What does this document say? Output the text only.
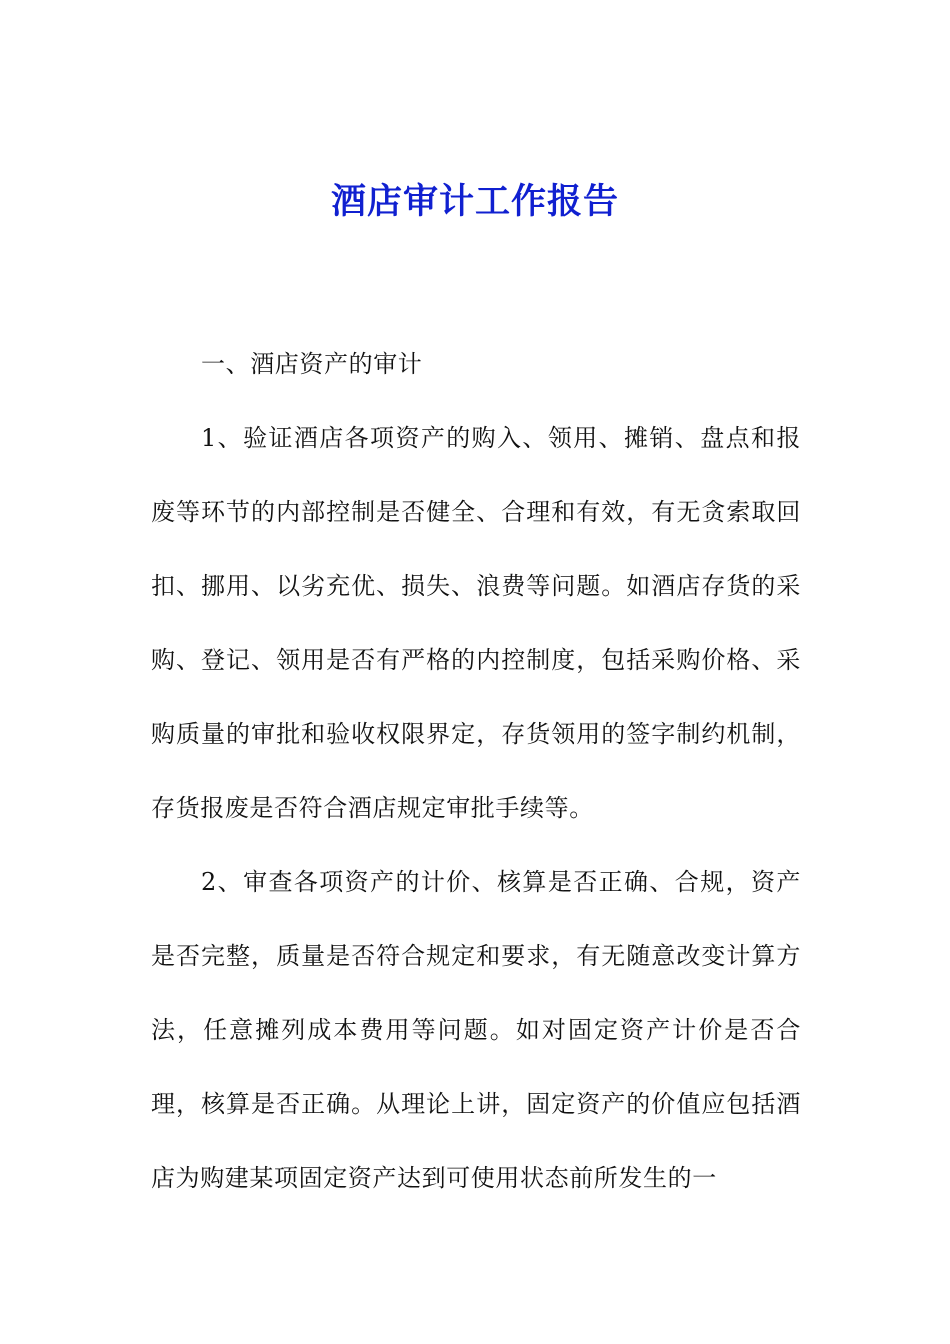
酒店审计工作报告

一、酒店资产的审计

1、验证酒店各项资产的购入、领用、摊销、盘点和报废等环节的内部控制是否健全、合理和有效，有无贪索取回扣、挪用、以劣充优、损失、浪费等问题。如酒店存货的采购、登记、领用是否有严格的内控制度，包括采购价格、采购质量的审批和验收权限界定，存货领用的签字制约机制，存货报废是否符合酒店规定审批手续等。

2、审查各项资产的计价、核算是否正确、合规，资产是否完整，质量是否符合规定和要求，有无随意改变计算方法，任意摊列成本费用等问题。如对固定资产计价是否合理，核算是否正确。从理论上讲，固定资产的价值应包括酒店为购建某项固定资产达到可使用状态前所发生的一
